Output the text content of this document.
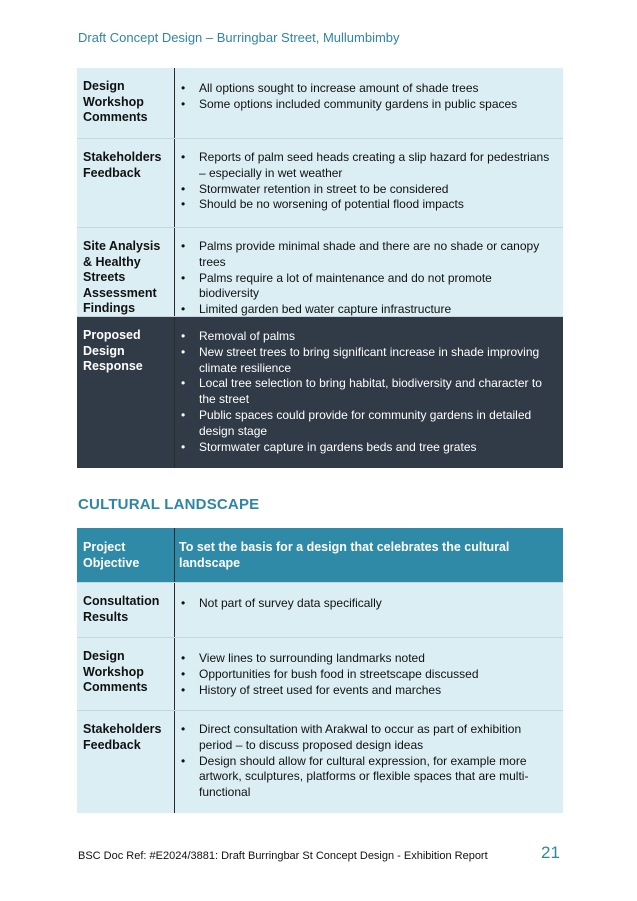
Draft Concept Design – Burringbar Street, Mullumbimby
Design Workshop Comments
• All options sought to increase amount of shade trees
• Some options included community gardens in public spaces
Stakeholders Feedback
• Reports of palm seed heads creating a slip hazard for pedestrians – especially in wet weather
• Stormwater retention in street to be considered
• Should be no worsening of potential flood impacts
Site Analysis & Healthy Streets Assessment Findings
• Palms provide minimal shade and there are no shade or canopy trees
• Palms require a lot of maintenance and do not promote biodiversity
• Limited garden bed water capture infrastructure
Proposed Design Response
• Removal of palms
• New street trees to bring significant increase in shade improving climate resilience
• Local tree selection to bring habitat, biodiversity and character to the street
• Public spaces could provide for community gardens in detailed design stage
• Stormwater capture in gardens beds and tree grates
CULTURAL LANDSCAPE
Project Objective
To set the basis for a design that celebrates the cultural landscape
Consultation Results
• Not part of survey data specifically
Design Workshop Comments
• View lines to surrounding landmarks noted
• Opportunities for bush food in streetscape discussed
• History of street used for events and marches
Stakeholders Feedback
• Direct consultation with Arakwal to occur as part of exhibition period – to discuss proposed design ideas
• Design should allow for cultural expression, for example more artwork, sculptures, platforms or flexible spaces that are multi-functional
BSC Doc Ref: #E2024/3881: Draft Burringbar St Concept Design - Exhibition Report	21
